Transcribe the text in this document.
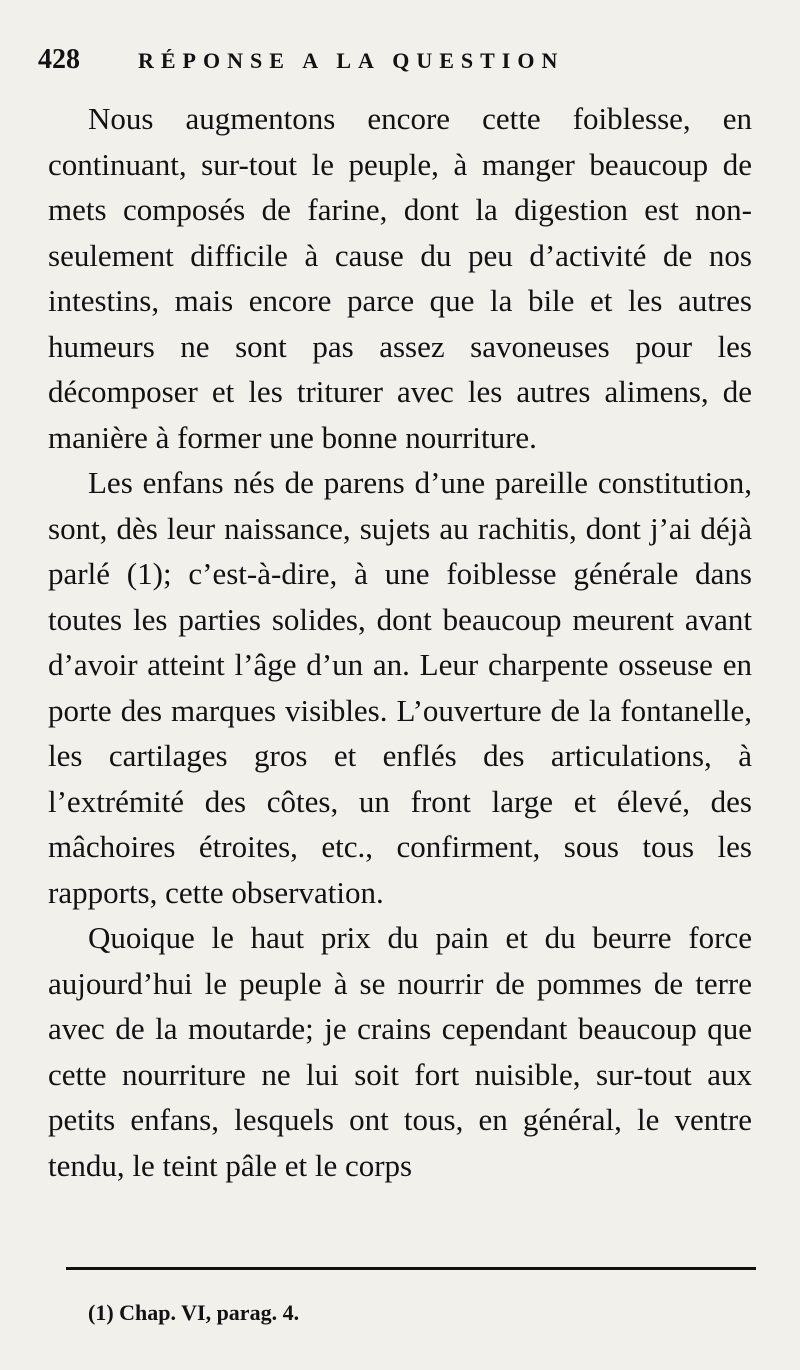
428	RÉPONSE A LA QUESTION

Nous augmentons encore cette foiblesse, en continuant, sur-tout le peuple, à manger beaucoup de mets composés de farine, dont la digestion est non-seulement difficile à cause du peu d’activité de nos intestins, mais encore parce que la bile et les autres humeurs ne sont pas assez savoneuses pour les décomposer et les triturer avec les autres alimens, de manière à former une bonne nourriture.

Les enfans nés de parens d’une pareille constitution, sont, dès leur naissance, sujets au rachitis, dont j’ai déjà parlé (1); c’est-à-dire, à une foiblesse générale dans toutes les parties solides, dont beaucoup meurent avant d’avoir atteint l’âge d’un an. Leur charpente osseuse en porte des marques visibles. L’ouverture de la fontanelle, les cartilages gros et enflés des articulations, à l’extrémité des côtes, un front large et élevé, des mâchoires étroites, etc., confirment, sous tous les rapports, cette observation.

Quoique le haut prix du pain et du beurre force aujourd’hui le peuple à se nourrir de pommes de terre avec de la moutarde; je crains cependant beaucoup que cette nourriture ne lui soit fort nuisible, sur-tout aux petits enfans, lesquels ont tous, en général, le ventre tendu, le teint pâle et le corps

(1) Chap. VI, parag. 4.
